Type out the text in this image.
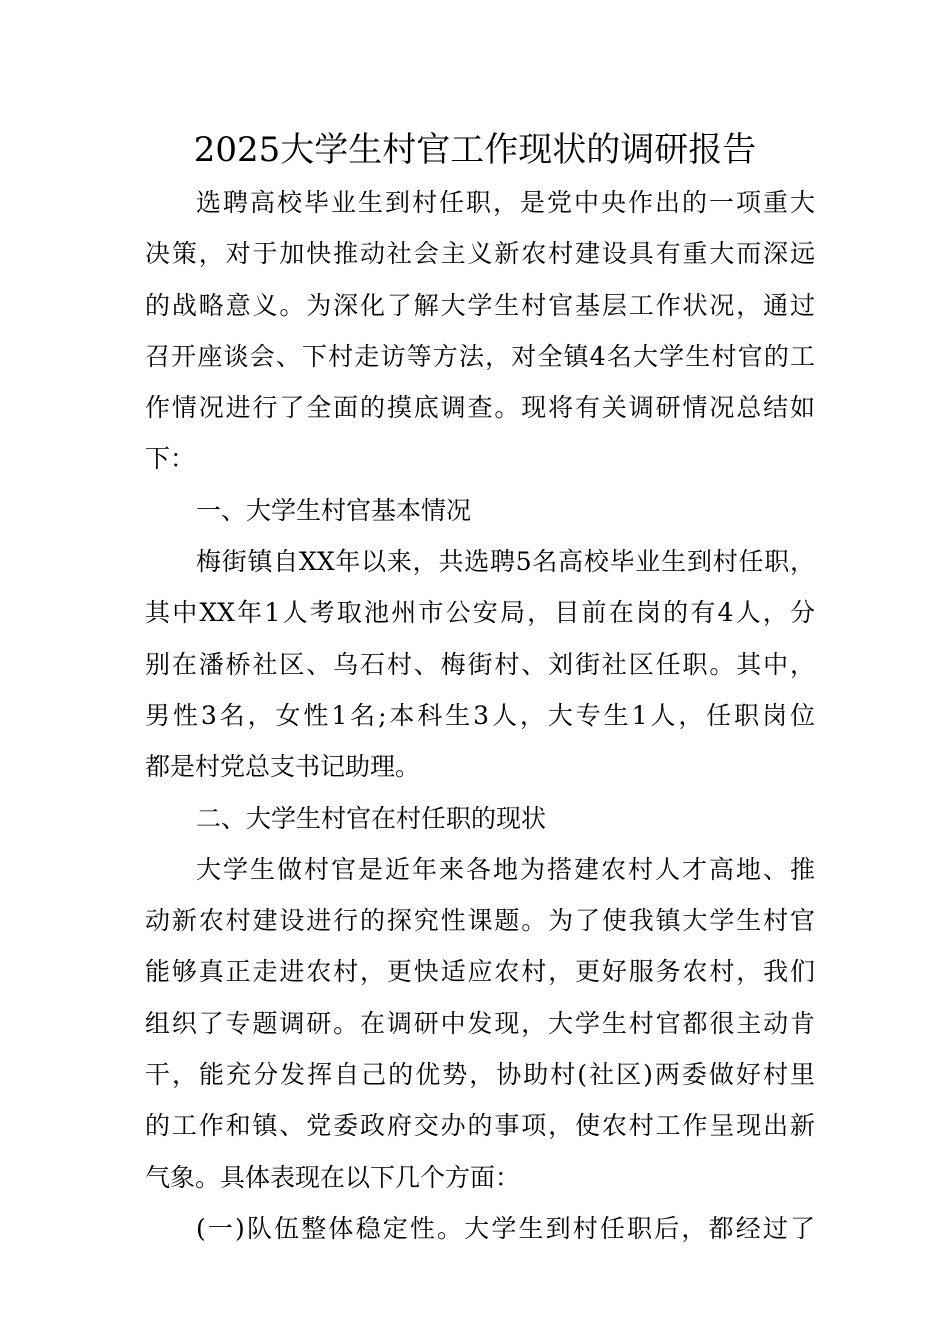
2025大学生村官工作现状的调研报告
选聘高校毕业生到村任职，是党中央作出的一项重大
决策，对于加快推动社会主义新农村建设具有重大而深远
的战略意义。为深化了解大学生村官基层工作状况，通过
召开座谈会、下村走访等方法，对全镇4名大学生村官的工
作情况进行了全面的摸底调查。现将有关调研情况总结如
下：
一、大学生村官基本情况
梅街镇自XX年以来，共选聘5名高校毕业生到村任职，
其中XX年1人考取池州市公安局，目前在岗的有4人，分
别在潘桥社区、乌石村、梅街村、刘街社区任职。其中，
男性3名，女性1名;本科生3人，大专生1人，任职岗位
都是村党总支书记助理。
二、大学生村官在村任职的现状
大学生做村官是近年来各地为搭建农村人才高地、推
动新农村建设进行的探究性课题。为了使我镇大学生村官
能够真正走进农村，更快适应农村，更好服务农村，我们
组织了专题调研。在调研中发现，大学生村官都很主动肯
干，能充分发挥自己的优势，协助村(社区)两委做好村里
的工作和镇、党委政府交办的事项，使农村工作呈现出新
气象。具体表现在以下几个方面：
(一)队伍整体稳定性。大学生到村任职后，都经过了
